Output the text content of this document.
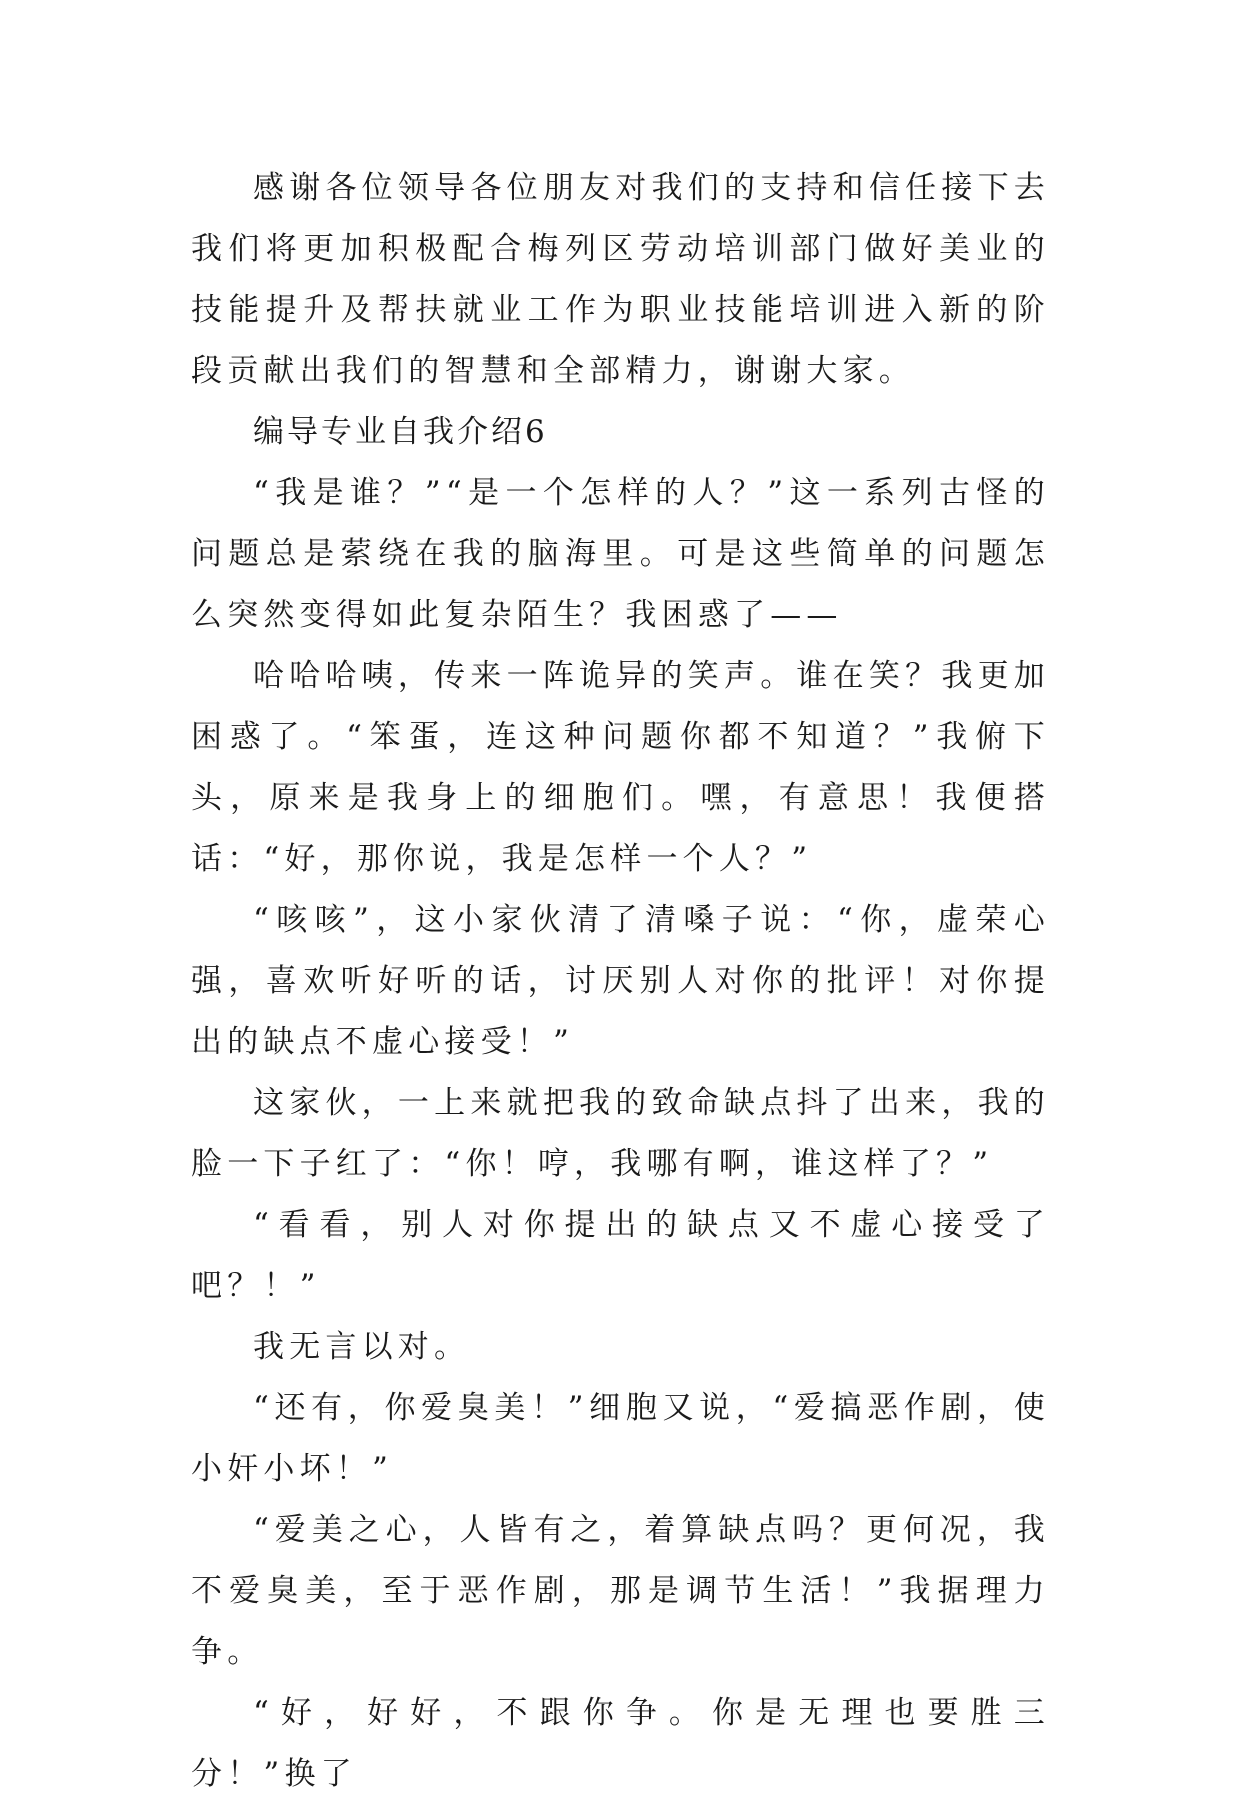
感谢各位领导各位朋友对我们的支持和信任接下去我们将更加积极配合梅列区劳动培训部门做好美业的技能提升及帮扶就业工作为职业技能培训进入新的阶段贡献出我们的智慧和全部精力，谢谢大家。

编导专业自我介绍6

“我是谁？”“是一个怎样的人？”这一系列古怪的问题总是萦绕在我的脑海里。可是这些简单的问题怎么突然变得如此复杂陌生？我困惑了——

哈哈哈咦，传来一阵诡异的笑声。谁在笑？我更加困惑了。“笨蛋，连这种问题你都不知道？”我俯下头，原来是我身上的细胞们。嘿，有意思！我便搭话：“好，那你说，我是怎样一个人？”

“咳咳”，这小家伙清了清嗓子说：“你，虚荣心强，喜欢听好听的话，讨厌别人对你的批评！对你提出的缺点不虚心接受！”

这家伙，一上来就把我的致命缺点抖了出来，我的脸一下子红了：“你！哼，我哪有啊，谁这样了？”

“看看，别人对你提出的缺点又不虚心接受了吧？！”

我无言以对。

“还有，你爱臭美！”细胞又说，“爱搞恶作剧，使小奸小坏！”

“爱美之心，人皆有之，着算缺点吗？更何况，我不爱臭美，至于恶作剧，那是调节生活！”我据理力争。

“好，好好，不跟你争。你是无理也要胜三分！”换了
